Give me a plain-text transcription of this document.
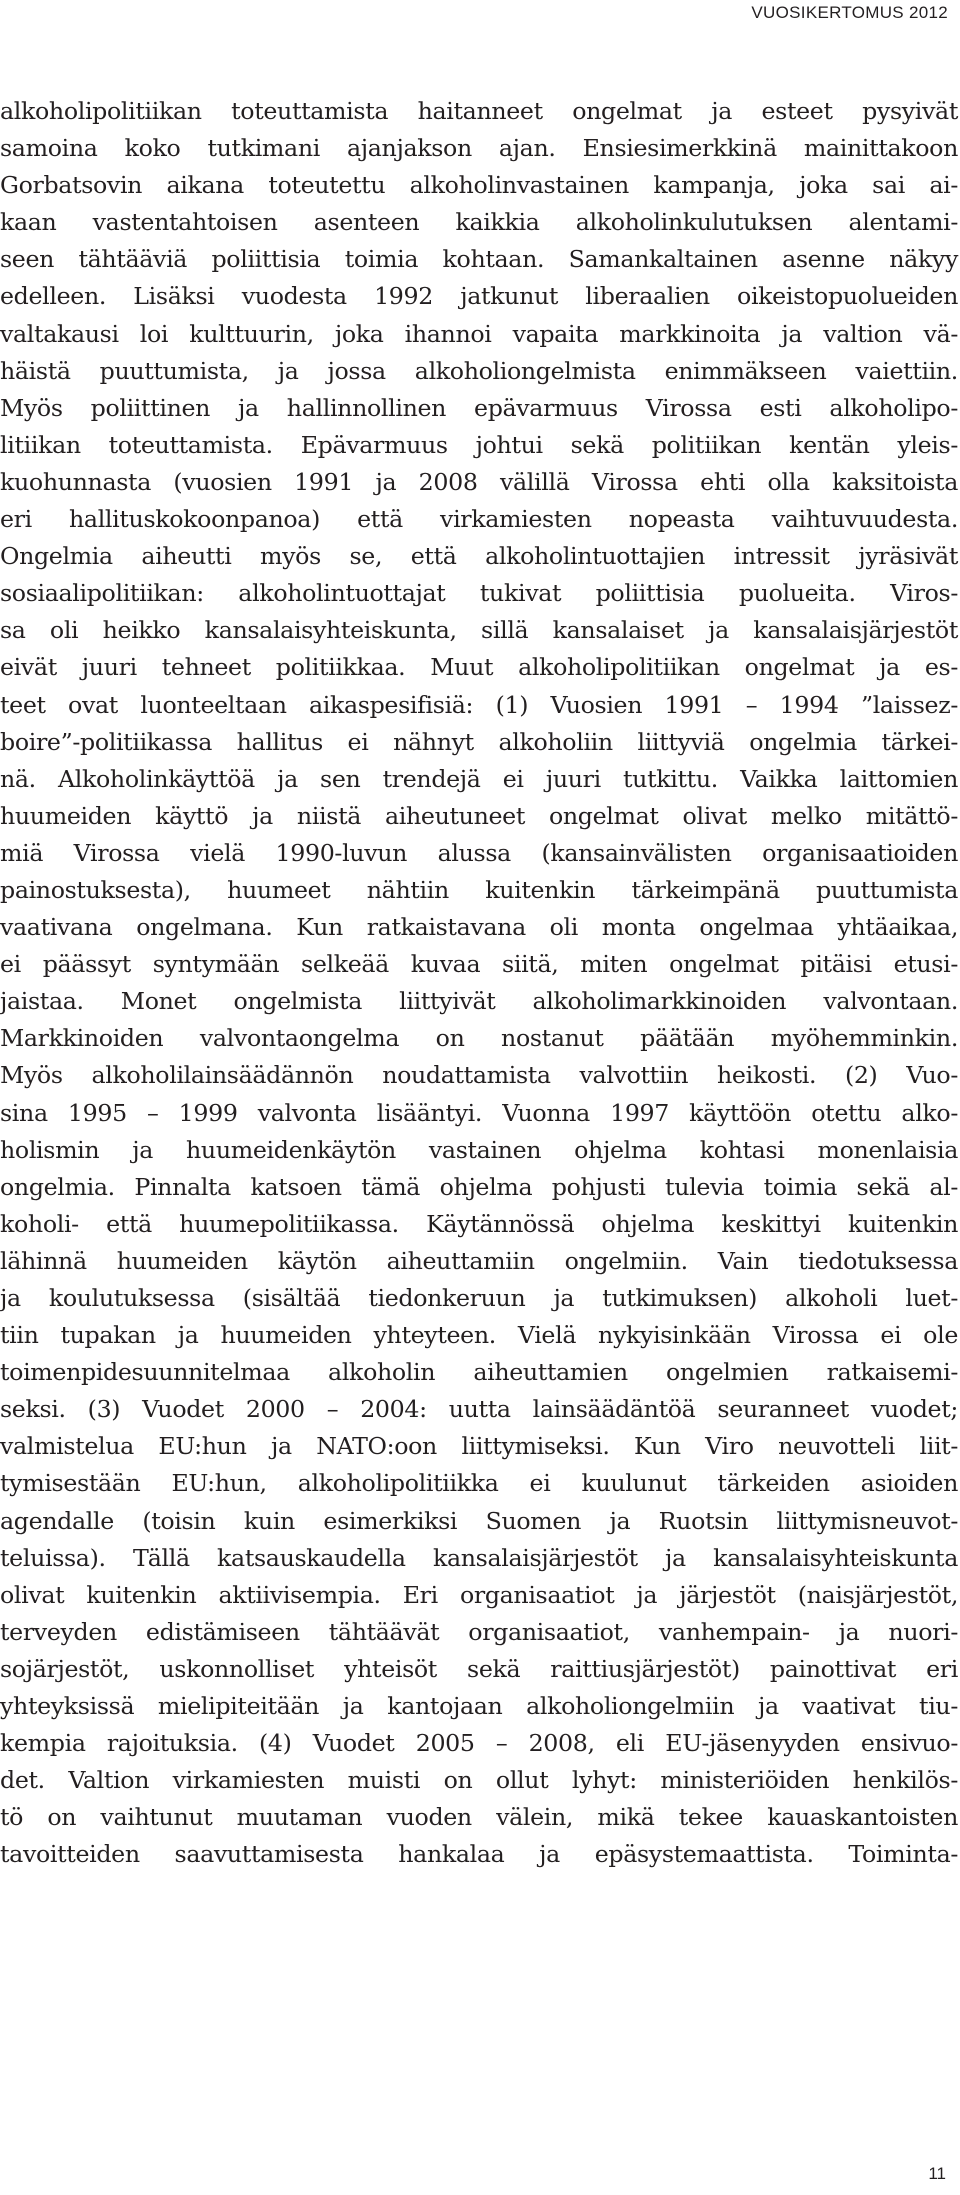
VUOSIKERTOMUS 2012
alkoholipolitiikan toteuttamista haitanneet ongelmat ja esteet pysyivät
samoina koko tutkimani ajanjakson ajan. Ensiesimerkkinä mainittakoon
Gorbatsovin aikana toteutettu alkoholinvastainen kampanja, joka sai ai-
kaan vastentahtoisen asenteen kaikkia alkoholinkulutuksen alentami-
seen tähtääviä poliittisia toimia kohtaan. Samankaltainen asenne näkyy
edelleen. Lisäksi vuodesta 1992 jatkunut liberaalien oikeistopuolueiden
valtakausi loi kulttuurin, joka ihannoi vapaita markkinoita ja valtion vä-
häistä puuttumista, ja jossa alkoholiongelmista enimmäkseen vaiettiin.
Myös poliittinen ja hallinnollinen epävarmuus Virossa esti alkoholipo-
litiikan toteuttamista. Epävarmuus johtui sekä politiikan kentän yleis-
kuohunnasta (vuosien 1991 ja 2008 välillä Virossa ehti olla kaksitoista
eri hallituskokoonpanoa) että virkamiesten nopeasta vaihtuvuudesta.
Ongelmia aiheutti myös se, että alkoholintuottajien intressit jyräsivät
sosiaalipolitiikan: alkoholintuottajat tukivat poliittisia puolueita. Viros-
sa oli heikko kansalaisyhteiskunta, sillä kansalaiset ja kansalaisjärjestöt
eivät juuri tehneet politiikkaa. Muut alkoholipolitiikan ongelmat ja es-
teet ovat luonteeltaan aikaspesifisiä: (1) Vuosien 1991 – 1994 ”laissez-
boire”-politiikassa hallitus ei nähnyt alkoholiin liittyviä ongelmia tärkei-
nä. Alkoholinkäyttöä ja sen trendejä ei juuri tutkittu. Vaikka laittomien
huumeiden käyttö ja niistä aiheutuneet ongelmat olivat melko mitättö-
miä Virossa vielä 1990-luvun alussa (kansainvälisten organisaatioiden
painostuksesta), huumeet nähtiin kuitenkin tärkeimpänä puuttumista
vaativana ongelmana. Kun ratkaistavana oli monta ongelmaa yhtäaikaa,
ei päässyt syntymään selkeää kuvaa siitä, miten ongelmat pitäisi etusi-
jaistaa. Monet ongelmista liittyivät alkoholimarkkinoiden valvontaan.
Markkinoiden valvontaongelma on nostanut päätään myöhemminkin.
Myös alkoholilainsäädännön noudattamista valvottiin heikosti. (2) Vuo-
sina 1995 – 1999 valvonta lisääntyi. Vuonna 1997 käyttöön otettu alko-
holismin ja huumeidenkäytön vastainen ohjelma kohtasi monenlaisia
ongelmia. Pinnalta katsoen tämä ohjelma pohjusti tulevia toimia sekä al-
koholi- että huumepolitiikassa. Käytännössä ohjelma keskittyi kuitenkin
lähinnä huumeiden käytön aiheuttamiin ongelmiin. Vain tiedotuksessa
ja koulutuksessa (sisältää tiedonkeruun ja tutkimuksen) alkoholi luet-
tiin tupakan ja huumeiden yhteyteen. Vielä nykyisinkään Virossa ei ole
toimenpidesuunnitelmaa alkoholin aiheuttamien ongelmien ratkaisemi-
seksi. (3) Vuodet 2000 – 2004: uutta lainsäädäntöä seuranneet vuodet;
valmistelua EU:hun ja NATO:oon liittymiseksi. Kun Viro neuvotteli liit-
tymisestään EU:hun, alkoholipolitiikka ei kuulunut tärkeiden asioiden
agendalle (toisin kuin esimerkiksi Suomen ja Ruotsin liittymisneuvot-
teluissa). Tällä katsauskaudella kansalaisjärjestöt ja kansalaisyhteiskunta
olivat kuitenkin aktiivisempia. Eri organisaatiot ja järjestöt (naisjärjestöt,
terveyden edistämiseen tähtäävät organisaatiot, vanhempain- ja nuori-
sojärjestöt, uskonnolliset yhteisöt sekä raittiusjärjestöt) painottivat eri
yhteyksissä mielipiteitään ja kantojaan alkoholiongelmiin ja vaativat tiu-
kempia rajoituksia. (4) Vuodet 2005 – 2008, eli EU-jäsenyyden ensivuo-
det. Valtion virkamiesten muisti on ollut lyhyt: ministeriöiden henkilös-
tö on vaihtunut muutaman vuoden välein, mikä tekee kauaskantoisten
tavoitteiden saavuttamisesta hankalaa ja epäsystemaattista. Toiminta-
11
